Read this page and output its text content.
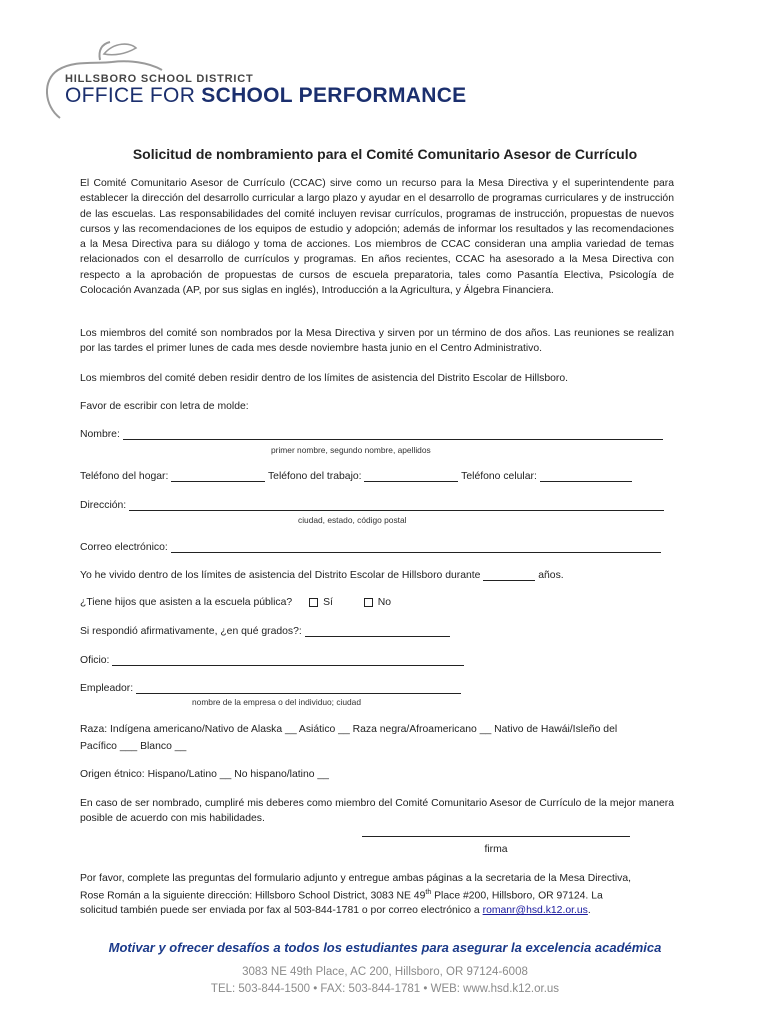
HILLSBORO SCHOOL DISTRICT
OFFICE FOR SCHOOL PERFORMANCE
Solicitud de nombramiento para el Comité Comunitario Asesor de Currículo
El Comité Comunitario Asesor de Currículo (CCAC) sirve como un recurso para la Mesa Directiva y el superintendente para establecer la dirección del desarrollo curricular a largo plazo y ayudar en el desarrollo de programas curriculares y de instrucción de las escuelas. Las responsabilidades del comité incluyen revisar currículos, programas de instrucción, propuestas de nuevos cursos y las recomendaciones de los equipos de estudio y adopción; además de informar los resultados y las recomendaciones a la Mesa Directiva para su diálogo y toma de acciones. Los miembros de CCAC consideran una amplia variedad de temas relacionados con el desarrollo de currículos y programas. En años recientes, CCAC ha asesorado a la Mesa Directiva con respecto a la aprobación de propuestas de cursos de escuela preparatoria, tales como Pasantía Electiva, Psicología de Colocación Avanzada (AP, por sus siglas en inglés), Introducción a la Agricultura, y Álgebra Financiera.
Los miembros del comité son nombrados por la Mesa Directiva y sirven por un término de dos años. Las reuniones se realizan por las tardes el primer lunes de cada mes desde noviembre hasta junio en el Centro Administrativo.
Los miembros del comité deben residir dentro de los límites de asistencia del Distrito Escolar de Hillsboro.
Favor de escribir con letra de molde:
Nombre:
primer nombre, segundo nombre, apellidos
Teléfono del hogar:	Teléfono del trabajo:	Teléfono celular:
Dirección:
ciudad, estado, código postal
Correo electrónico:
Yo he vivido dentro de los límites de asistencia del Distrito Escolar de Hillsboro durante	años.
¿Tiene hijos que asisten a la escuela pública?	Sí	No
Si respondió afirmativamente, ¿en qué grados?:
Oficio:
Empleador:
nombre de la empresa o del individuo; ciudad
Raza: Indígena americano/Nativo de Alaska __ Asiático __ Raza negra/Afroamericano __ Nativo de Hawái/Isleño del
Pacífico ___ Blanco __
Origen étnico: Hispano/Latino __ No hispano/latino __
En caso de ser nombrado, cumpliré mis deberes como miembro del Comité Comunitario Asesor de Currículo de la mejor manera posible de acuerdo con mis habilidades.
firma
Por favor, complete las preguntas del formulario adjunto y entregue ambas páginas a la secretaria de la Mesa Directiva,
Rose Román a la siguiente dirección: Hillsboro School District, 3083 NE 49th Place #200, Hillsboro, OR 97124. La
solicitud también puede ser enviada por fax al 503-844-1781 o por correo electrónico a romanr@hsd.k12.or.us.
Motivar y ofrecer desafíos a todos los estudiantes para asegurar la excelencia académica
3083 NE 49th Place, AC 200, Hillsboro, OR 97124-6008
TEL: 503-844-1500 • FAX: 503-844-1781 • WEB: www.hsd.k12.or.us
